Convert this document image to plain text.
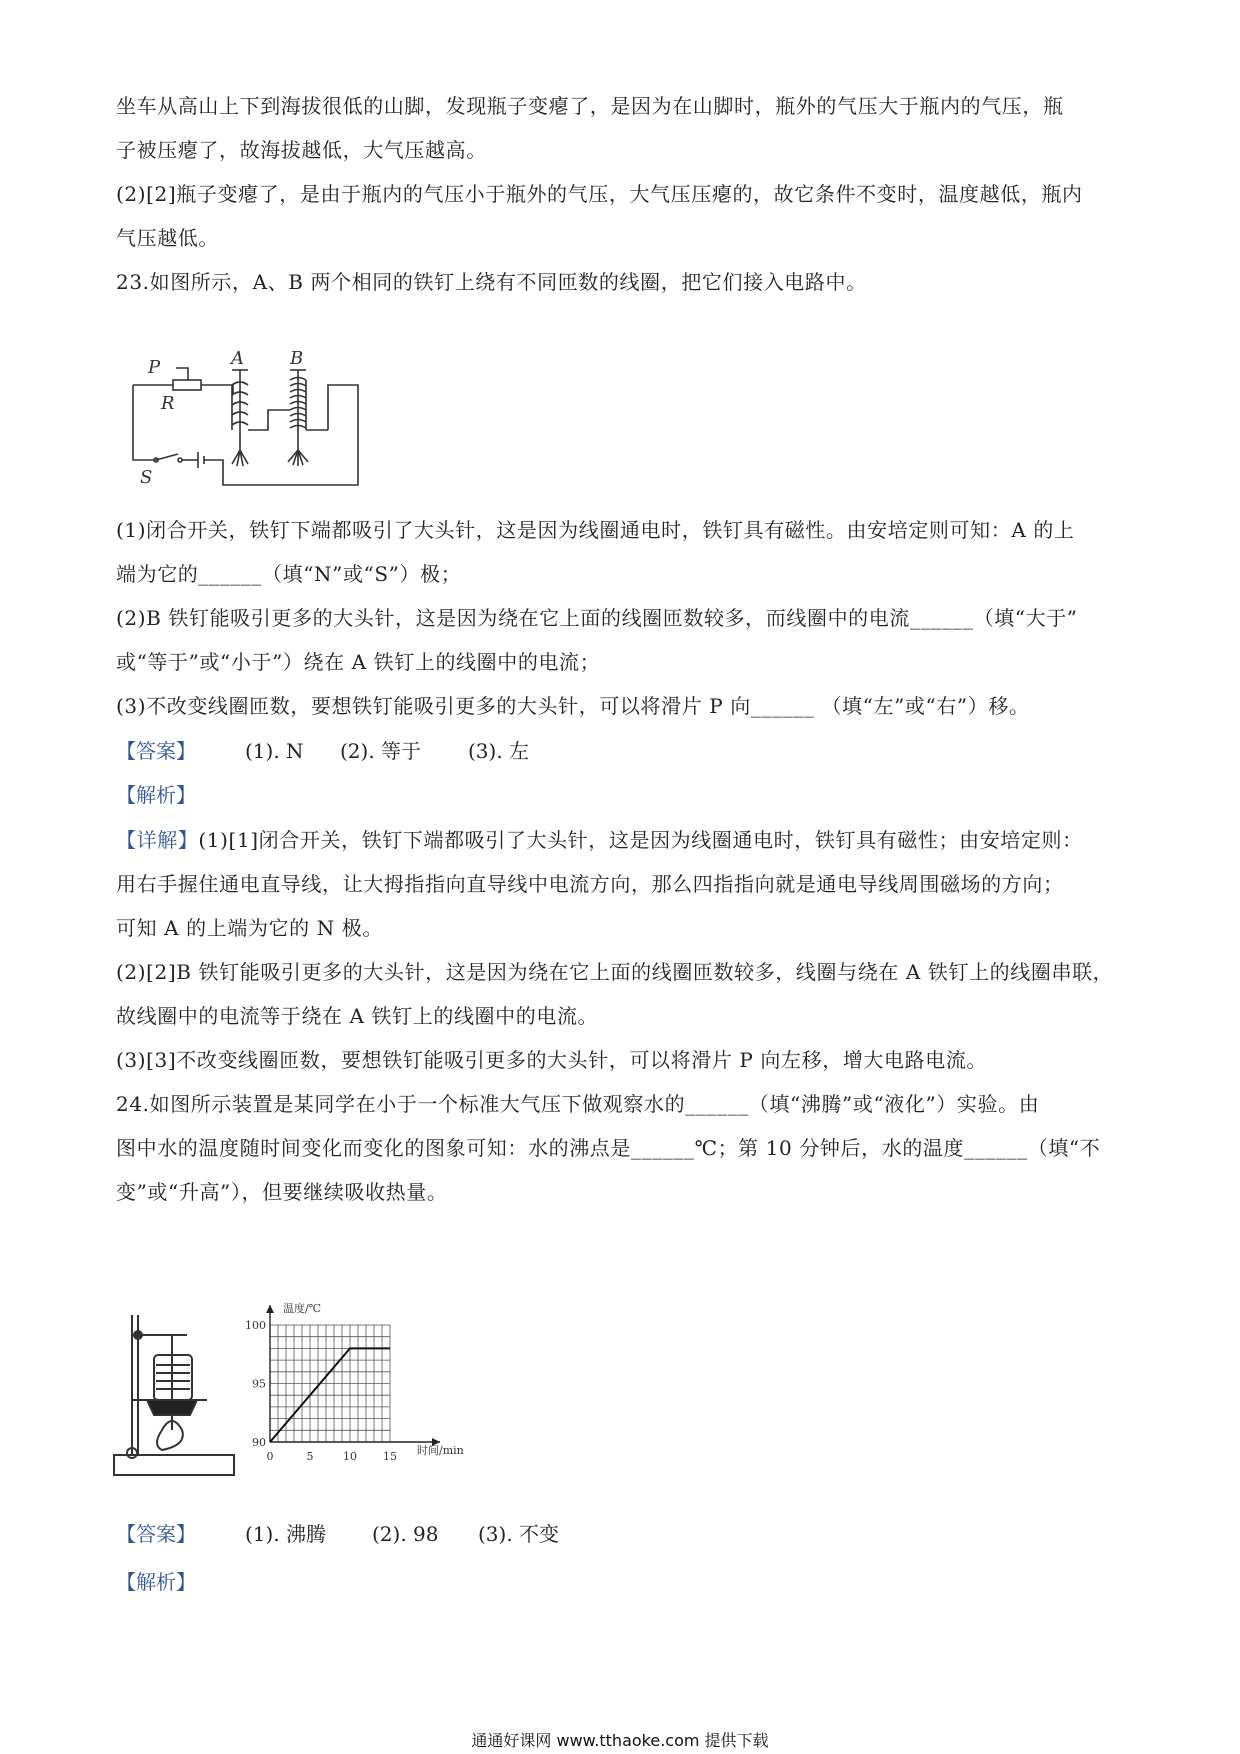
坐车从高山上下到海拔很低的山脚，发现瓶子变瘪了，是因为在山脚时，瓶外的气压大于瓶内的气压，瓶
子被压瘪了，故海拔越低，大气压越高。
(2)[2]瓶子变瘪了，是由于瓶内的气压小于瓶外的气压，大气压压瘪的，故它条件不变时，温度越低，瓶内
气压越低。
23.如图所示，A、B 两个相同的铁钉上绕有不同匝数的线圈，把它们接入电路中。
P
R
S
A	B
(1)闭合开关，铁钉下端都吸引了大头针，这是因为线圈通电时，铁钉具有磁性。由安培定则可知：A 的上
端为它的______（填“N”或“S”）极；
(2)B 铁钉能吸引更多的大头针，这是因为绕在它上面的线圈匝数较多，而线圈中的电流______（填“大于”
或“等于”或“小于”）绕在 A 铁钉上的线圈中的电流；
(3)不改变线圈匝数，要想铁钉能吸引更多的大头针，可以将滑片 P 向______ （填“左”或“右”）移。
【答案】 (1). N (2). 等于 (3). 左
【解析】
【详解】(1)[1]闭合开关，铁钉下端都吸引了大头针，这是因为线圈通电时，铁钉具有磁性；由安培定则：
用右手握住通电直导线，让大拇指指向直导线中电流方向，那么四指指向就是通电导线周围磁场的方向；
可知 A 的上端为它的 N 极。
(2)[2]B 铁钉能吸引更多的大头针，这是因为绕在它上面的线圈匝数较多，线圈与绕在 A 铁钉上的线圈串联，
故线圈中的电流等于绕在 A 铁钉上的线圈中的电流。
(3)[3]不改变线圈匝数，要想铁钉能吸引更多的大头针，可以将滑片 P 向左移，增大电路电流。
24.如图所示装置是某同学在小于一个标准大气压下做观察水的______（填“沸腾”或“液化”）实验。由
图中水的温度随时间变化而变化的图象可知：水的沸点是______℃；第 10 分钟后，水的温度______（填“不
变”或“升高”），但要继续吸收热量。
0	5	10 15
90
95
100
温度/℃
时间/min
【答案】 (1). 沸腾 (2). 98 (3). 不变
【解析】
通通好课网 www.tthaoke.com 提供下载
